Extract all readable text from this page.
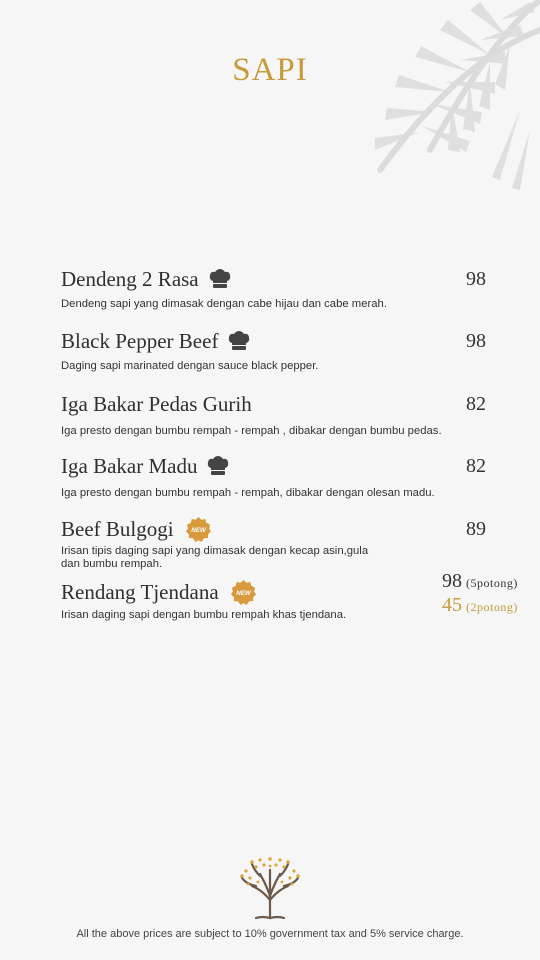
SAPI
Dendeng 2 Rasa	98
Dendeng sapi yang dimasak dengan cabe hijau dan cabe merah.
Black Pepper Beef	98
Daging sapi marinated dengan sauce black pepper.
Iga Bakar Pedas Gurih	82
Iga presto dengan bumbu rempah - rempah , dibakar dengan bumbu pedas.
Iga Bakar Madu	82
Iga presto dengan bumbu rempah - rempah, dibakar dengan olesan madu.
Beef Bulgogi	NEW	89
Irisan tipis daging sapi yang dimasak dengan kecap asin,gula
dan bumbu rempah.
Rendang Tjendana	NEW
98 (5potong)
45 (2potong)
Irisan daging sapi dengan bumbu rempah khas tjendana.
All the above prices are subject to 10% government tax and 5% service charge.
